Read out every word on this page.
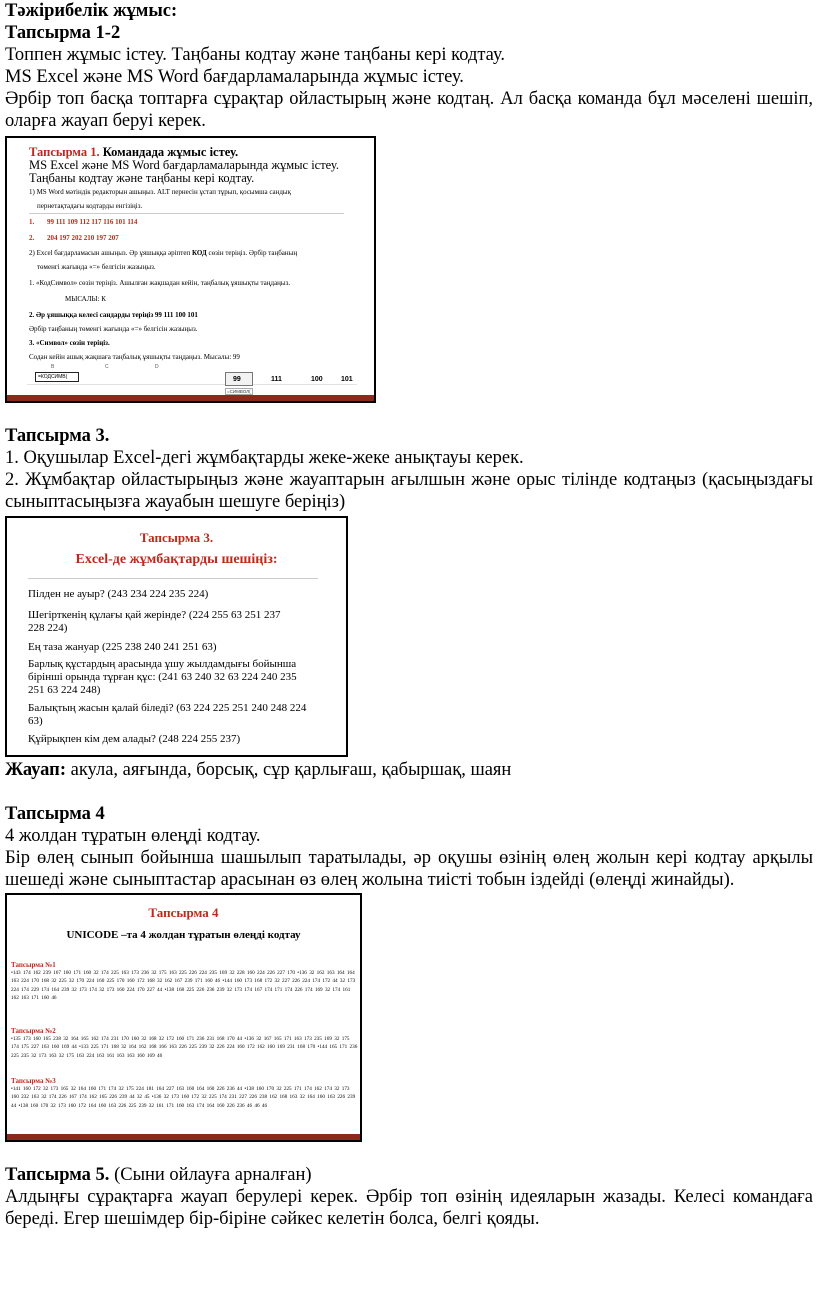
Тәжірибелік жұмыс:
Тапсырма 1-2
Топпен жұмыс істеу. Таңбаны кодтау және таңбаны кері кодтау.
MS Excel және MS Word бағдарламаларында жұмыс істеу.
Әрбір топ басқа топтарға сұрақтар ойластырың және кодтаң. Ал басқа команда бұл мәселені шешіп, оларға жауап беруі керек.
Тапсырма 1. Командада жұмыс істеу.
MS Excel және MS Word бағдарламаларында жұмыс істеу.
Таңбаны кодтау және таңбаны кері кодтау.
1) MS Word мәтіндік редакторын ашыңыз. ALT пернесін ұстап тұрып, қосымша сандық
пернетақтадағы кодтарды енгізіңіз.
1. 99 111 109 112 117 116 101 114
2. 204 197 202 210 197 207
2) Excel бағдарламасын ашыңыз. Әр ұяшыққа әріптеп КОД сөзін теріңіз. Әрбір таңбаның
төменгі жағында «=» белгісін жазыңыз.
1. «КодСимвол» сөзін теріңіз. Ашылған жақшадан кейін, таңбалық ұяшықты таңдаңыз.
МЫСАЛЫ: К
2. Әр ұяшыққа келесі сандарды теріңіз 99 111 100 101
Әрбір таңбаның төменгі жағында «=» белгісін жазыңыз.
3. «Символ» сөзін теріңіз.
Содан кейін ашық жақшаға таңбалық ұяшықты таңдаңыз. Мысалы: 99
B	C	D
=КОДСИМВ(	99	111	100	101
=СИМВОЛ(
Тапсырма 3.
1. Оқушылар Excel-дегі жұмбақтарды жеке-жеке анықтауы керек.
2. Жұмбақтар ойластырыңыз және жауаптарын ағылшын және орыс тілінде кодтаңыз (қасыңыздағы сыныптасыңызға жауабын шешуге беріңіз)
Тапсырма 3.
Excel-де жұмбақтарды шешіңіз:
Пілден не ауыр? (243 234 224 235 224)
Шегірткенің құлағы қай жерінде? (224 255 63 251 237
228 224)
Ең таза жануар (225 238 240 241 251 63)
Барлық құстардың арасында ұшу жылдамдығы бойынша
бірінші орында тұрған құс: (241 63 240 32 63 224 240 235
251 63 224 248)
Балықтың жасын қалай біледі? (63 224 225 251 240 248 224
63)
Құйрықпен кім дем алады? (248 224 255 237)
Жауап: акула, аяғында, борсық, сұр қарлығаш, қабыршақ, шаян
Тапсырма 4
4 жолдан тұратын өлеңді кодтау.
Бір өлең сынып бойынша шашылып таратылады, әр оқушы өзінің өлең жолын кері кодтау арқылы шешеді және сыныптастар арасынан өз өлең жолына тиісті тобын іздейді (өлеңді жинайды).
Тапсырма 4
UNICODE –та 4 жолдан тұратын өлеңді кодтау
Тапсырма №1
•143 174 162 239 167 160 171 160 32 174 225 163 173 236 32 175 163 225 226 224 235 169 32 228 160 224 226 227 170 •136 32 162 163 164 164 163 224 170 168 32 225 32 170 224 160 225 170 160 172 168 32 162 167 239 171 160 46 •144 160 173 168 172 32 227 226 224 174 172 44 32 173 224 174 229 174 164 239 32 173 174 32 173 160 224 170 227 44 •138 168 225 226 236 239 32 173 174 167 174 171 174 226 174 169 32 174 161 162 163 171 160 46
Тапсырма №2
•135 173 160 165 238 32 164 165 162 174 231 170 160 32 168 32 172 160 171 236 231 168 170 44 •136 32 167 165 171 163 173 235 169 32 175 174 175 227 163 160 169 44 •133 225 171 168 32 164 162 168 166 163 226 225 239 32 226 224 160 172 162 160 169 231 168 170 •144 165 171 236 225 235 32 173 163 32 175 163 224 163 161 163 163 160 169 46
Тапсырма №3
•141 160 172 32 173 165 32 164 160 171 174 32 175 224 181 164 227 163 160 164 160 226 236 44 •138 160 170 32 225 171 174 162 174 32 173 160 232 163 32 174 226 167 174 162 165 226 239 44 32 45 •136 32 173 160 172 32 225 174 231 227 226 238 162 168 163 32 164 160 163 226 239 44 •138 160 170 32 173 160 172 164 160 163 226 225 239 32 161 171 160 163 174 164 160 226 236 46 46 46
Тапсырма 5. (Сыни ойлауға арналған)
Алдыңғы сұрақтарға жауап берулері керек. Әрбір топ өзінің идеяларын жазады. Келесі командаға береді. Егер шешімдер бір-біріне сәйкес келетін болса, белгі қояды.
